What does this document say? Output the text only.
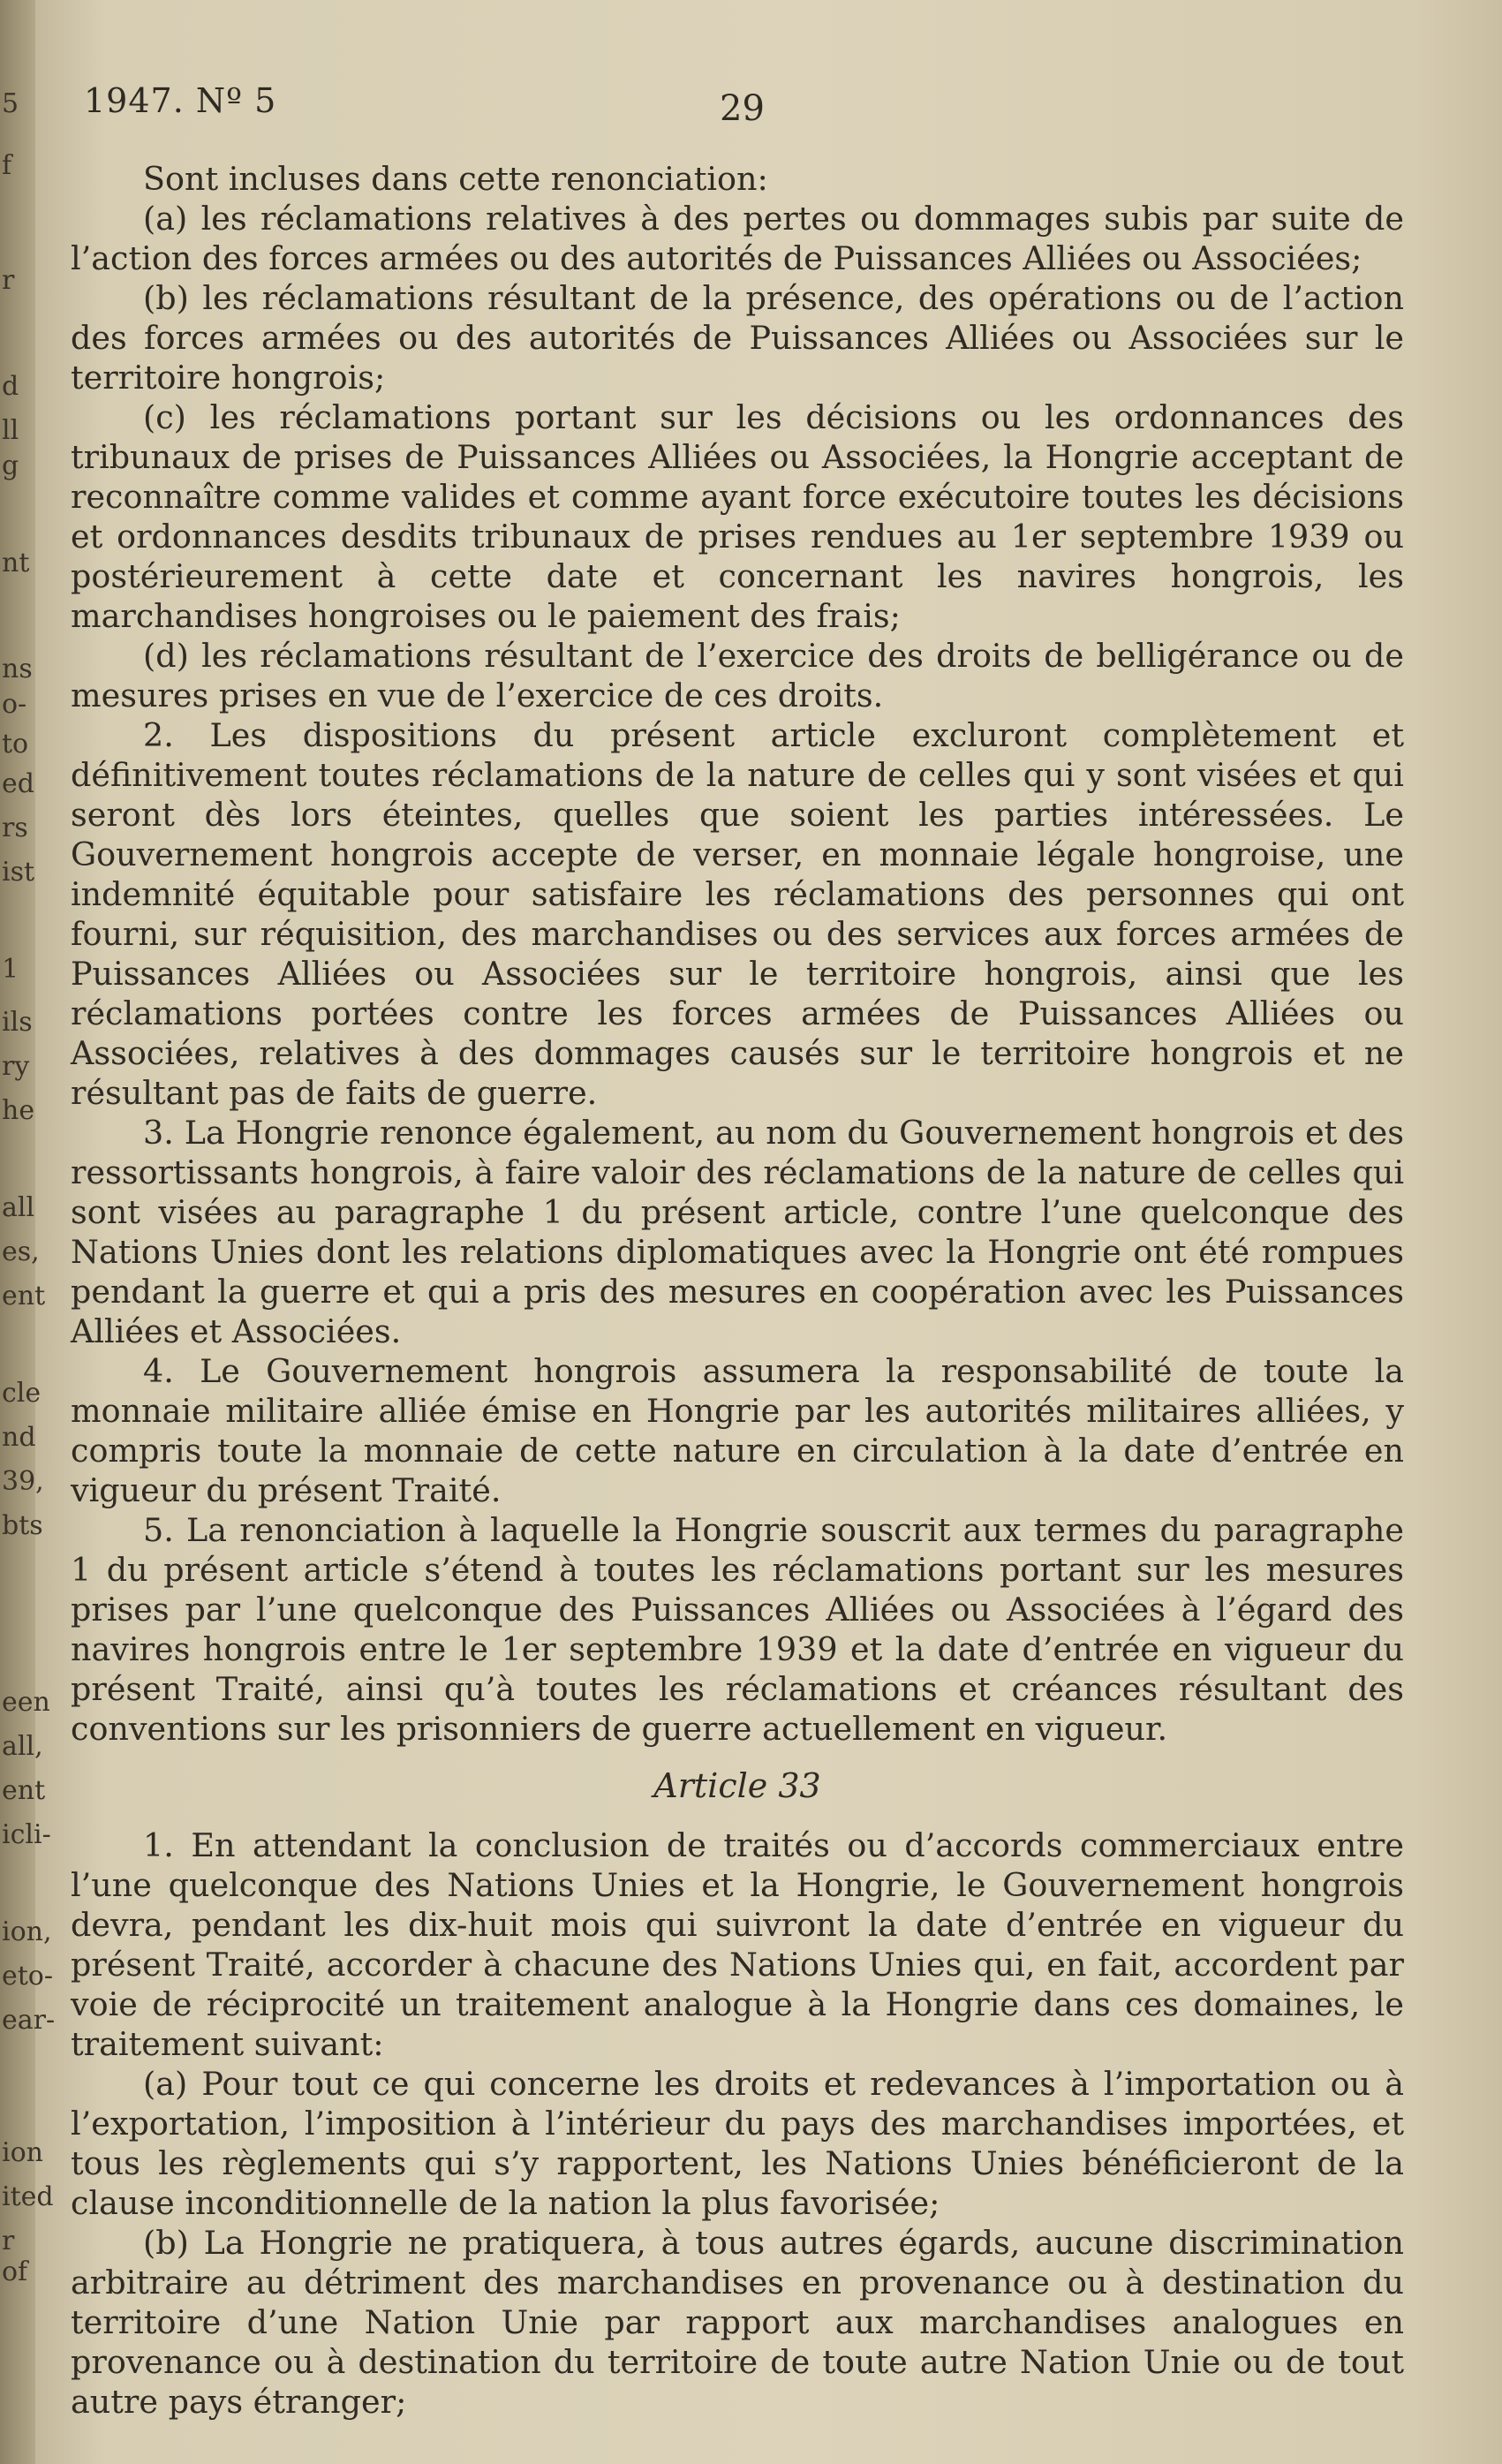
5
f
r
d
ll
g
nt
ns
o-
to
ed
rs
ist
1
ils
ry
he
all
es,
ent
cle
nd
39,
bts
een
all,
ent
icli-
ion,
eto-
ear-
ion
ited
r of
1947. Nº 5	29

Sont incluses dans cette renonciation:

(a) les réclamations relatives à des pertes ou dommages subis par suite de l’action des forces armées ou des autorités de Puissances Alliées ou Associées;

(b) les réclamations résultant de la présence, des opérations ou de l’action des forces armées ou des autorités de Puissances Alliées ou Associées sur le territoire hongrois;

(c) les réclamations portant sur les décisions ou les ordonnances des tribunaux de prises de Puissances Alliées ou Associées, la Hongrie acceptant de reconnaître comme valides et comme ayant force exécutoire toutes les décisions et ordonnances desdits tribunaux de prises rendues au 1er septembre 1939 ou postérieurement à cette date et concernant les navires hongrois, les marchandises hongroises ou le paiement des frais;

(d) les réclamations résultant de l’exercice des droits de belligérance ou de mesures prises en vue de l’exercice de ces droits.

2. Les dispositions du présent article excluront complètement et définitivement toutes réclamations de la nature de celles qui y sont visées et qui seront dès lors éteintes, quelles que soient les parties intéressées. Le Gouvernement hongrois accepte de verser, en monnaie légale hongroise, une indemnité équitable pour satisfaire les réclamations des personnes qui ont fourni, sur réquisition, des marchandises ou des services aux forces armées de Puissances Alliées ou Associées sur le territoire hongrois, ainsi que les réclamations portées contre les forces armées de Puissances Alliées ou Associées, relatives à des dommages causés sur le territoire hongrois et ne résultant pas de faits de guerre.

3. La Hongrie renonce également, au nom du Gouvernement hongrois et des ressortissants hongrois, à faire valoir des réclamations de la nature de celles qui sont visées au paragraphe 1 du présent article, contre l’une quelconque des Nations Unies dont les relations diplomatiques avec la Hongrie ont été rompues pendant la guerre et qui a pris des mesures en coopération avec les Puissances Alliées et Associées.

4. Le Gouvernement hongrois assumera la responsabilité de toute la monnaie militaire alliée émise en Hongrie par les autorités militaires alliées, y compris toute la monnaie de cette nature en circulation à la date d’entrée en vigueur du présent Traité.

5. La renonciation à laquelle la Hongrie souscrit aux termes du paragraphe 1 du présent article s’étend à toutes les réclamations portant sur les mesures prises par l’une quelconque des Puissances Alliées ou Associées à l’égard des navires hongrois entre le 1er septembre 1939 et la date d’entrée en vigueur du présent Traité, ainsi qu’à toutes les réclamations et créances résultant des conventions sur les prisonniers de guerre actuellement en vigueur.

Article 33

1. En attendant la conclusion de traités ou d’accords commerciaux entre l’une quelconque des Nations Unies et la Hongrie, le Gouvernement hongrois devra, pendant les dix-huit mois qui suivront la date d’entrée en vigueur du présent Traité, accorder à chacune des Nations Unies qui, en fait, accordent par voie de réciprocité un traitement analogue à la Hongrie dans ces domaines, le traitement suivant:

(a) Pour tout ce qui concerne les droits et redevances à l’importation ou à l’exportation, l’imposition à l’intérieur du pays des marchandises importées, et tous les règlements qui s’y rapportent, les Nations Unies bénéficieront de la clause inconditionnelle de la nation la plus favorisée;

(b) La Hongrie ne pratiquera, à tous autres égards, aucune discrimination arbitraire au détriment des marchandises en provenance ou à destination du territoire d’une Nation Unie par rapport aux marchandises analogues en provenance ou à destination du territoire de toute autre Nation Unie ou de tout autre pays étranger;
